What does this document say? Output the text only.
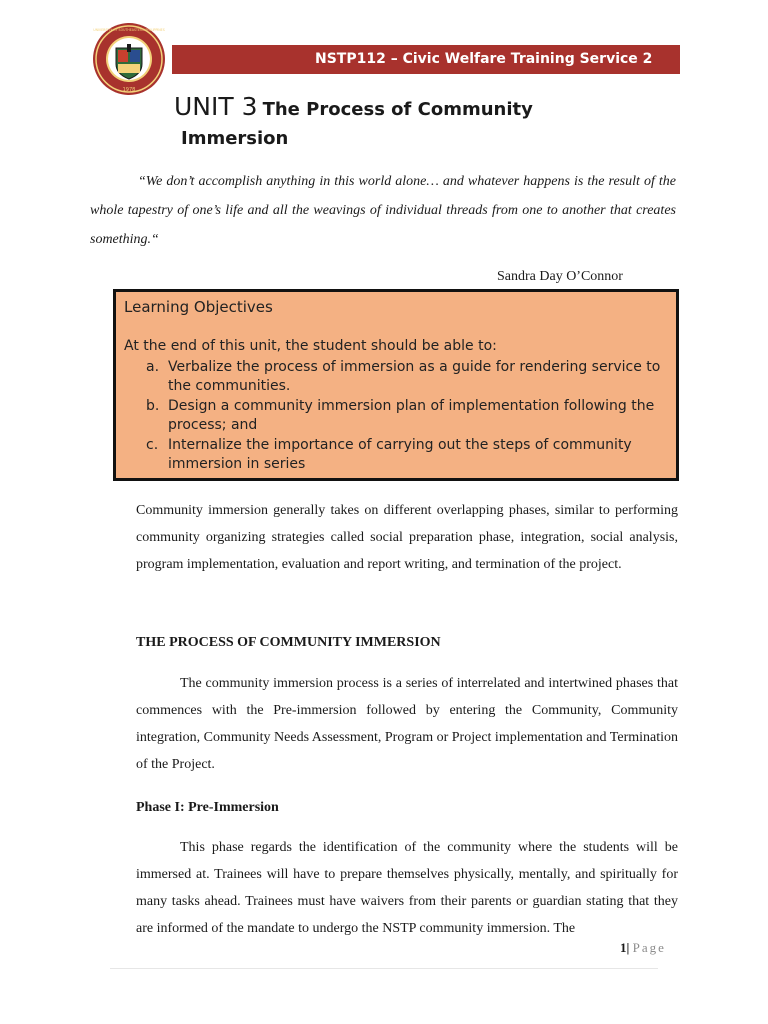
1978
UNIVERSITY OF SOUTHEASTERN PHILIPPINES
NSTP112 – Civic Welfare Training Service 2
UNIT 3 The Process of Community
Immersion
“We don’t accomplish anything in this world alone… and whatever happens is the result of the whole tapestry of one’s life and all the weavings of individual threads from one to another that creates something.“
Sandra Day O’Connor
Learning Objectives
At the end of this unit, the student should be able to:
a. Verbalize the process of immersion as a guide for rendering service to the communities.
b. Design a community immersion plan of implementation following the process; and
c. Internalize the importance of carrying out the steps of community immersion in series

Community immersion generally takes on different overlapping phases, similar to performing community organizing strategies called social preparation phase, integration, social analysis, program implementation, evaluation and report writing, and termination of the project.

THE PROCESS OF COMMUNITY IMMERSION

The community immersion process is a series of interrelated and intertwined phases that commences with the Pre-immersion followed by entering the Community, Community integration, Community Needs Assessment, Program or Project implementation and Termination of the Project.

Phase I: Pre-Immersion

This phase regards the identification of the community where the students will be immersed at. Trainees will have to prepare themselves physically, mentally, and spiritually for many tasks ahead. Trainees must have waivers from their parents or guardian stating that they are informed of the mandate to undergo the NSTP community immersion. The

1| Page
